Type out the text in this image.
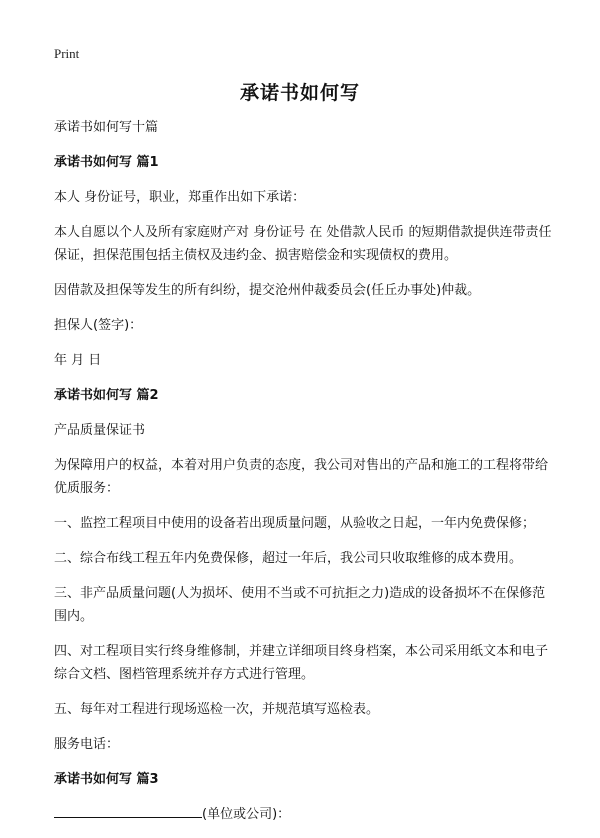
Print
承诺书如何写

承诺书如何写十篇

承诺书如何写 篇1

本人 身份证号，职业，郑重作出如下承诺：

本人自愿以个人及所有家庭财产对 身份证号 在 处借款人民币 的短期借款提供连带责任保证，担保范围包括主债权及违约金、损害赔偿金和实现债权的费用。

因借款及担保等发生的所有纠纷，提交沧州仲裁委员会(任丘办事处)仲裁。

担保人(签字)：

年 月 日

承诺书如何写 篇2

产品质量保证书

为保障用户的权益，本着对用户负责的态度，我公司对售出的产品和施工的工程将带给优质服务：

一、监控工程项目中使用的设备若出现质量问题，从验收之日起，一年内免费保修；

二、综合布线工程五年内免费保修，超过一年后，我公司只收取维修的成本费用。

三、非产品质量问题(人为损坏、使用不当或不可抗拒之力)造成的设备损坏不在保修范围内。

四、对工程项目实行终身维修制，并建立详细项目终身档案，本公司采用纸文本和电子综合文档、图档管理系统并存方式进行管理。

五、每年对工程进行现场巡检一次，并规范填写巡检表。

服务电话：

承诺书如何写 篇3

(单位或公司)：
